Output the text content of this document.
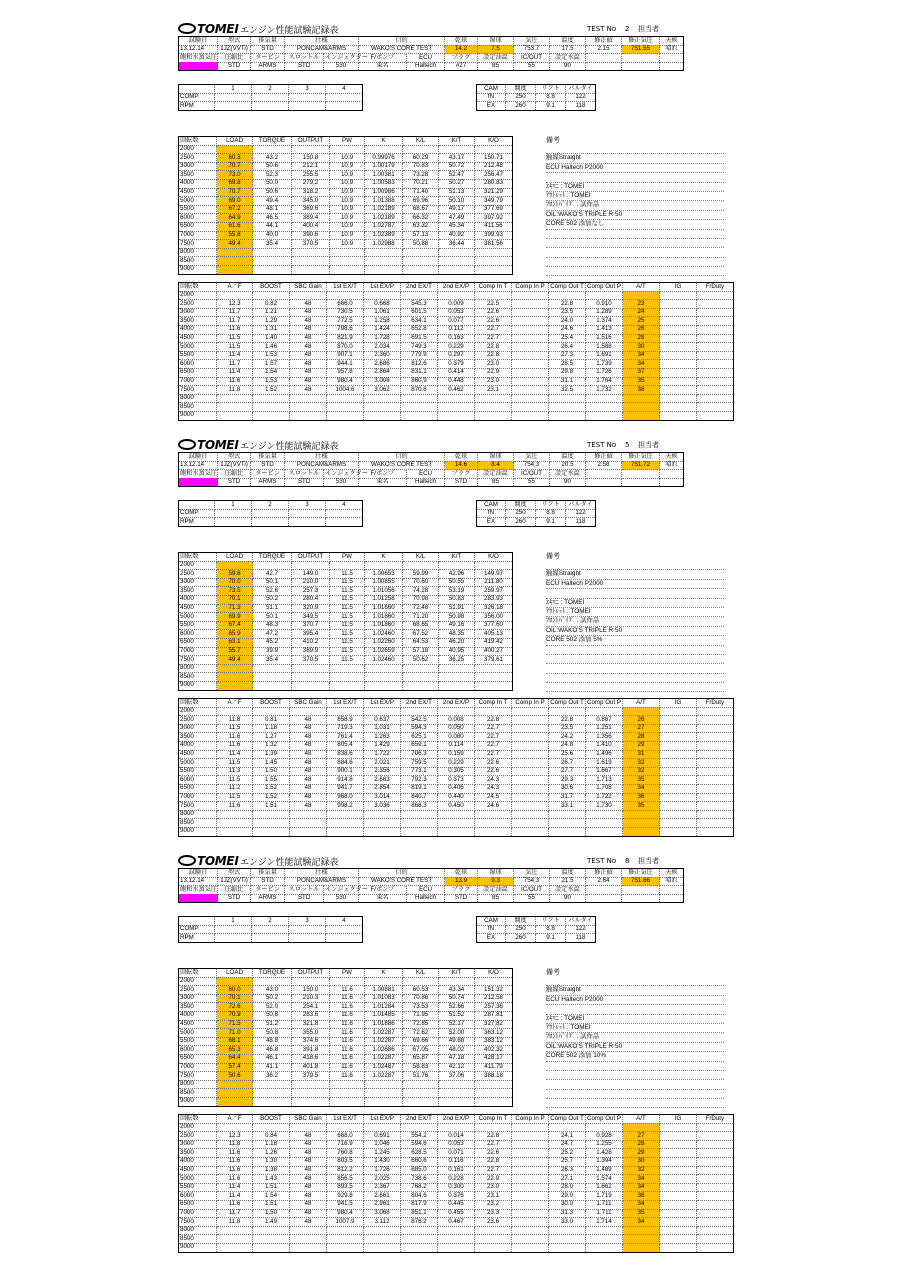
TOMEI エンジン性能試験記録表	TEST No 2 担当者
試験日	型式	排気量	仕様		目的		乾球	湿球	気圧	温度	修正値	修正気圧	天候
13.12.14	1JZ(VVTi)	STD	PONCAM&ARMS		WAKO'S CORE TEST		14.2	7.5	753.7	17.5	2.15	751.55	晴れ
飽和水蒸気圧	圧縮比	ターピン	スロットル	インジェクター	F/ポンプ	ECU	プラグ	設定油温	IC/OUT	設定水温			
	STD	ARMS	STD	530	東名	Haltech	#27	85	55	90			
	1	2	3	4
COMP				
RPM				
CAM	開度	リフト	バルタイ
IN	250	8.8	122
EX	260	9.1	118
回転数	LOAD	TORQUE	OUTPUT	PW	K	K/L	K/T	K/O
2000								
2500	60.3	43.2	150.8	10.9	0.99976	60.29	43.17	150.71
3000	70.7	50.6	212.1	10.9	1.00179	70.83	50.72	212.48
3500	73.0	52.3	255.5	10.9	1.00381	73.28	52.47	256.47
4000	69.8	50.0	279.2	10.9	1.00583	70.21	50.27	280.83
4500	70.7	50.6	318.2	10.9	1.00986	71.40	51.13	321.29
5000	69.0	49.4	345.0	10.9	1.01388	69.96	50.10	349.79
5500	67.2	48.1	369.6	10.9	1.02189	68.67	49.17	377.69
6000	64.9	46.5	389.4	10.9	1.02189	66.32	47.49	397.92
6500	61.6	44.1	400.4	10.9	1.02787	63.32	45.34	411.56
7000	55.8	40.0	390.6	10.9	1.02389	57.13	40.92	399.93
7500	49.4	35.4	370.5	10.9	1.02988	50.88	36.44	381.56
8000								
8500								
9000								
備考
触媒Straight
ECU Haltech P2000
ｴｷﾏﾆ : TOMEI
ｱｳﾄﾚｯﾄ : TOMEI
ﾌﾛﾝﾄﾊﾟｲﾌﾟ : 試作品
OIL:WAKO'S TRIPLE R 50
CORE 502 添加なし
回転数	A／F	BOOST	SBC Gain	1st EX/T	1st EX/P	2nd EX/T	2nd EX/P	Comp In T	Comp In P	Comp Out T	Comp Out P	A/T	IG	F/Duty
2000														
2500	12.3	0.82	48	666.0	0.668	545.3	0.009	22.5		22.8	0.910	23		
3000	11.7	1.21	48	730.5	1.061	601.5	0.053	22.6		23.5	1.289	24		
3500	11.7	1.29	48	772.5	1.258	634.1	0.077	22.6		24.0	1.374	25		
4000	11.6	1.31	48	798.6	1.424	652.8	0.112	22.7		24.6	1.413	26		
4500	11.5	1.40	48	821.9	1.728	691.5	0.163	22.7		25.4	1.516	28		
5000	11.5	1.46	48	870.0	2.034	749.3	0.229	22.8		26.4	1.588	30		
5500	11.4	1.53	48	907.1	2.360	779.9	0.297	22.8		27.3	1.691	34		
6000	11.7	1.57	48	944.1	2.686	812.6	0.379	23.0		28.5	1.739	34		
6500	11.4	1.54	48	957.8	2.864	831.1	0.414	22.9		29.8	1.726	37		
7000	11.6	1.53	48	980.4	3.008	860.9	0.448	23.0		31.1	1.764	35		
7500	11.8	1.52	48	1004.6	3.062	870.8	0.462	23.1		32.5	1.732	38		
8000														
8500														
9000														
TOMEI エンジン性能試験記録表	TEST No 5 担当者
試験日	型式	排気量	仕様		目的		乾球	湿球	気圧	温度	修正値	修正気圧	天候
13.12.14	1JZ(VVTi)	STD	PONCAM&ARMS		WAKO'S CORE TEST		14.6	8.4	754.3	20.5	2.58	751.72	晴れ
飽和水蒸気圧	圧縮比	ターピン	スロットル	インジェクター	F/ポンプ	ECU	プラグ	設定油温	IC/OUT	設定水温			
	STD	ARMS	STD	530	東名	Haltech	STD	85	55	90			
	1	2	3	4
COMP				
RPM				
CAM	開度	リフト	バルタイ
IN	250	8.8	122
EX	260	9.1	118
回転数	LOAD	TORQUE	OUTPUT	PW	K	K/L	K/T	K/O
2000								
2500	59.6	42.7	149.0	11.5	1.00653	59.99	42.96	149.97
3000	70.0	50.1	210.0	11.5	1.00855	70.60	50.55	211.80
3500	73.5	52.6	257.3	11.5	1.01056	74.28	53.19	259.97
4000	70.1	50.2	280.4	11.5	1.01258	70.98	50.83	283.93
4500	71.3	51.1	320.9	11.5	1.01660	72.48	51.91	326.18
5000	69.9	50.1	349.5	11.5	1.01860	71.20	50.98	356.00
5500	67.4	48.3	370.7	11.5	1.01860	68.65	49.16	377.60
6000	65.9	47.2	395.4	11.5	1.02460	67.52	48.35	405.13
6500	63.1	45.2	410.2	11.5	1.02260	64.53	46.20	419.42
7000	55.7	39.9	389.9	11.5	1.02659	57.18	40.95	400.27
7500	49.4	35.4	370.5	11.5	1.02460	50.62	36.25	379.61
8000								
8500								
9000								
備考
触媒Straight
ECU Haltech P2000
ｴｷﾏﾆ : TOMEI
ｱｳﾄﾚｯﾄ : TOMEI
ﾌﾛﾝﾄﾊﾟｲﾌﾟ : 試作品
OIL:WAKO'S TRIPLE R 50
CORE 502 添加 5%
回転数	A／F	BOOST	SBC Gain	1st EX/T	1st EX/P	2nd EX/T	2nd EX/P	Comp In T	Comp In P	Comp Out T	Comp Out P	A/T	IG	F/Duty
2000														
2500	11.8	0.81	48	658.9	0.637	542.5	0.008	22.8		22.8	0.867	26		
3000	11.5	1.18	48	719.3	1.031	594.3	0.050	22.7		23.5	1.251	27		
3500	11.6	1.27	48	761.4	1.263	625.1	0.080	22.7		24.2	1.356	28		
4000	11.6	1.32	48	805.4	1.429	659.1	0.114	22.7		24.8	1.410	29		
4500	11.4	1.39	48	838.6	1.722	706.3	0.159	22.7		25.6	1.496	31		
5000	11.5	1.45	48	884.6	2.021	759.5	0.229	22.6		26.7	1.619	32		
5500	11.3	1.50	48	900.1	2.356	773.1	0.305	22.6		27.7	1.667	32		
6000	11.5	1.55	48	914.8	2.663	792.3	0.373	24.3		29.3	1.713	35		
6500	11.2	1.52	48	941.7	2.854	819.1	0.406	24.3		30.6	1.708	34		
7000	11.5	1.52	48	968.0	3.014	840.7	0.440	24.5		31.7	1.722	36		
7500	11.6	1.51	48	998.2	3.036	868.3	0.450	24.6		33.1	1.730	35		
8000														
8500														
9000														
TOMEI エンジン性能試験記録表	TEST No 8 担当者
試験日	型式	排気量	仕様		目的		乾球	湿球	気圧	温度	修正値	修正気圧	天候
13.12.14	1JZ(VVTi)	STD	PONCAM&ARMS		WAKO'S CORE TEST		13.9	9.3	754.3	21.5	2.64	751.66	晴れ
飽和水蒸気圧	圧縮比	ターピン	スロットル	インジェクター	F/ポンプ	ECU	プラグ	設定油温	IC/OUT	設定水温			
	STD	ARMS	STD	530	東名	Haltech	STD	85	55	90			
	1	2	3	4
COMP				
RPM				
CAM	開度	リフト	バルタイ
IN	250	8.8	122
EX	260	9.1	118
回転数	LOAD	TORQUE	OUTPUT	PW	K	K/L	K/T	K/O
2000								
2500	60.0	43.0	150.0	11.6	1.00881	60.53	43.34	151.32
3000	70.1	50.2	210.3	11.6	1.01083	70.86	50.74	212.58
3500	72.6	52.0	254.1	11.6	1.01284	73.53	52.66	257.36
4000	70.9	50.8	283.6	11.6	1.01485	71.95	51.52	287.81
4500	71.5	51.2	321.8	11.6	1.01886	72.85	52.17	327.82
5000	71.0	50.8	355.0	11.6	1.02287	72.62	52.00	363.12
5500	68.1	48.8	374.6	11.6	1.02287	69.66	49.88	383.12
6000	65.3	46.8	391.8	11.6	1.02686	67.05	48.02	402.32
6500	64.4	46.1	418.6	11.6	1.02287	65.87	47.18	428.17
7000	57.4	41.1	401.8	11.6	1.02487	58.83	42.12	411.79
7500	50.6	36.2	379.5	11.6	1.02287	51.76	37.06	388.18
8000								
8500								
9000								
備考
触媒Straight
ECU Haltech P2000
ｴｷﾏﾆ : TOMEI
ｱｳﾄﾚｯﾄ : TOMEI
ﾌﾛﾝﾄﾊﾟｲﾌﾟ : 試作品
OIL:WAKO'S TRIPLE R 50
CORE 502 添加 10%
回転数	A／F	BOOST	SBC Gain	1st EX/T	1st EX/P	2nd EX/T	2nd EX/P	Comp In T	Comp In P	Comp Out T	Comp Out P	A/T	IG	F/Duty
2000														
2500	12.3	0.84	48	668.0	0.691	554.2	0.014	22.8		24.1	0.928	27		
3000	11.8	1.18	48	716.9	1.046	594.6	0.053	22.7		24.7	1.255	28		
3500	11.6	1.26	48	760.8	1.245	628.5	0.071	22.6		25.2	1.428	29		
4000	11.6	1.30	48	803.5	1.430	660.6	0.116	22.8		25.7	1.394	30		
4500	11.6	1.38	48	812.2	1.726	685.0	0.161	22.7		26.3	1.489	32		
5000	11.6	1.43	48	856.5	2.025	738.6	0.228	22.9		27.1	1.574	34		
5500	11.4	1.51	48	893.5	2.367	768.2	0.300	23.0		28.0	1.662	34		
6000	11.4	1.54	48	929.8	2.661	804.6	0.376	23.1		29.0	1.719	36		
6500	11.6	1.51	48	941.5	2.961	817.9	0.445	23.2		30.0	1.711	34		
7000	11.7	1.50	48	980.4	3.068	851.1	0.455	23.3		31.3	1.711	35		
7500	11.8	1.49	48	1007.9	3.112	876.2	0.467	23.6		33.0	1.714	34		
8000														
8500														
9000														
